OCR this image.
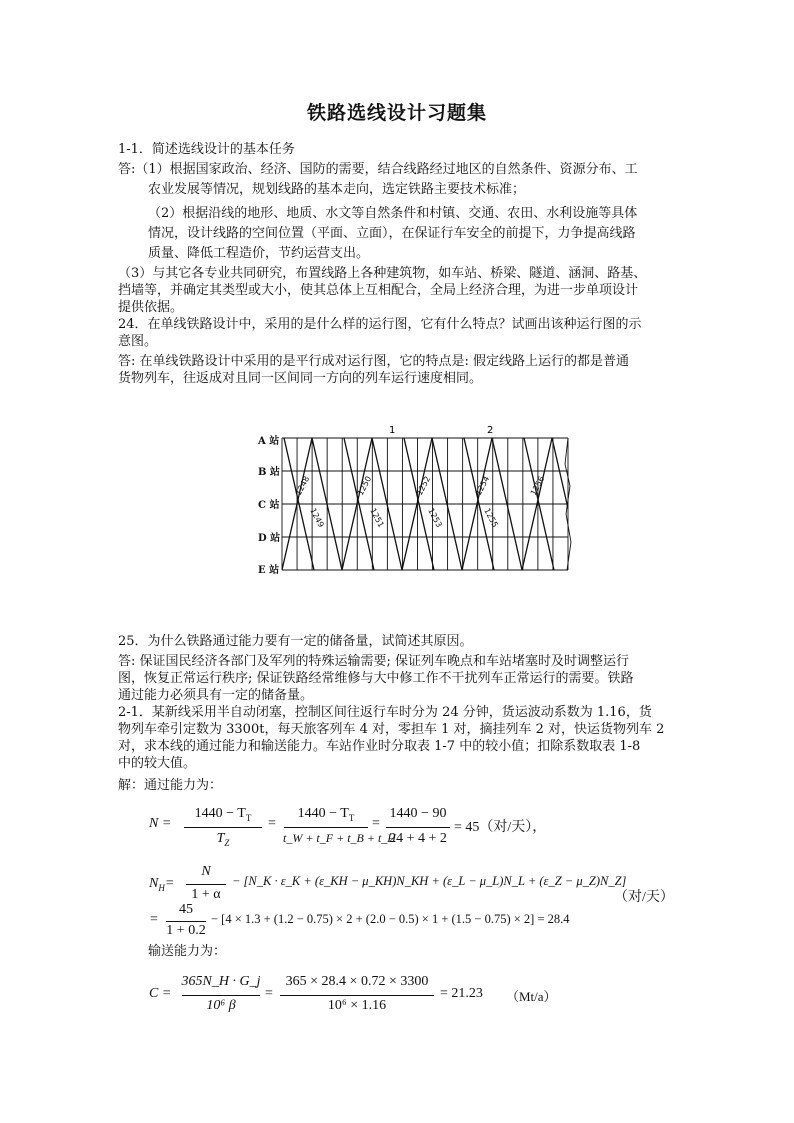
铁路选线设计习题集
1-1．简述选线设计的基本任务
答:（1）根据国家政治、经济、国防的需要，结合线路经过地区的自然条件、资源分布、工
农业发展等情况，规划线路的基本走向，选定铁路主要技术标准；
（2）根据沿线的地形、地质、水文等自然条件和村镇、交通、农田、水利设施等具体
情况，设计线路的空间位置（平面、立面），在保证行车安全的前提下，力争提高线路
质量、降低工程造价，节约运营支出。
（3）与其它各专业共同研究，布置线路上各种建筑物，如车站、桥梁、隧道、涵洞、路基、
挡墙等，并确定其类型或大小，使其总体上互相配合，全局上经济合理，为进一步单项设计
提供依据。
24．在单线铁路设计中，采用的是什么样的运行图，它有什么特点？试画出该种运行图的示
意图。
答: 在单线铁路设计中采用的是平行成对运行图，它的特点是: 假定线路上运行的都是普通
货物列车，往返成对且同一区间同一方向的列车运行速度相同。
A 站
B 站
C 站
D 站
E 站
1	2
1248	1250	1252	1254	1256
1249	1251	1253	1255
25．为什么铁路通过能力要有一定的储备量，试简述其原因。
答: 保证国民经济各部门及军列的特殊运输需要; 保证列车晚点和车站堵塞时及时调整运行
图，恢复正常运行秩序; 保证铁路经常维修与大中修工作不干扰列车正常运行的需要。铁路
通过能力必须具有一定的储备量。
2-1．某新线采用半自动闭塞，控制区间往返行车时分为 24 分钟，货运波动系数为 1.16，货
物列车牵引定数为 3300t，每天旅客列车 4 对，零担车 1 对，摘挂列车 2 对，快运货物列车 2
对，求本线的通过能力和输送能力。车站作业时分取表 1-7 中的较小值；扣除系数取表 1-8
中的较大值。
解：通过能力为：
N =
$1440 - T_T$
$T_Z$
=
$1440 - T_T$
t_W + t_F + t_B + t_H
=
1440 − 90
24 + 4 + 2
= 45（对/天），
$N_H=$
N
1 + α
− [N_K · ε_K + (ε_KH − μ_KH)N_KH + (ε_L − μ_L)N_L + (ε_Z − μ_Z)N_Z]
（对/天）
=
45
1 + 0.2
− [4 × 1.3 + (1.2 − 0.75) × 2 + (2.0 − 0.5) × 1 + (1.5 − 0.75) × 2] = 28.4
输送能力为：
C =
365N_H · G_j
10⁶ β
=
365 × 28.4 × 0.72 × 3300
10⁶ × 1.16
= 21.23 （Mt/a）
